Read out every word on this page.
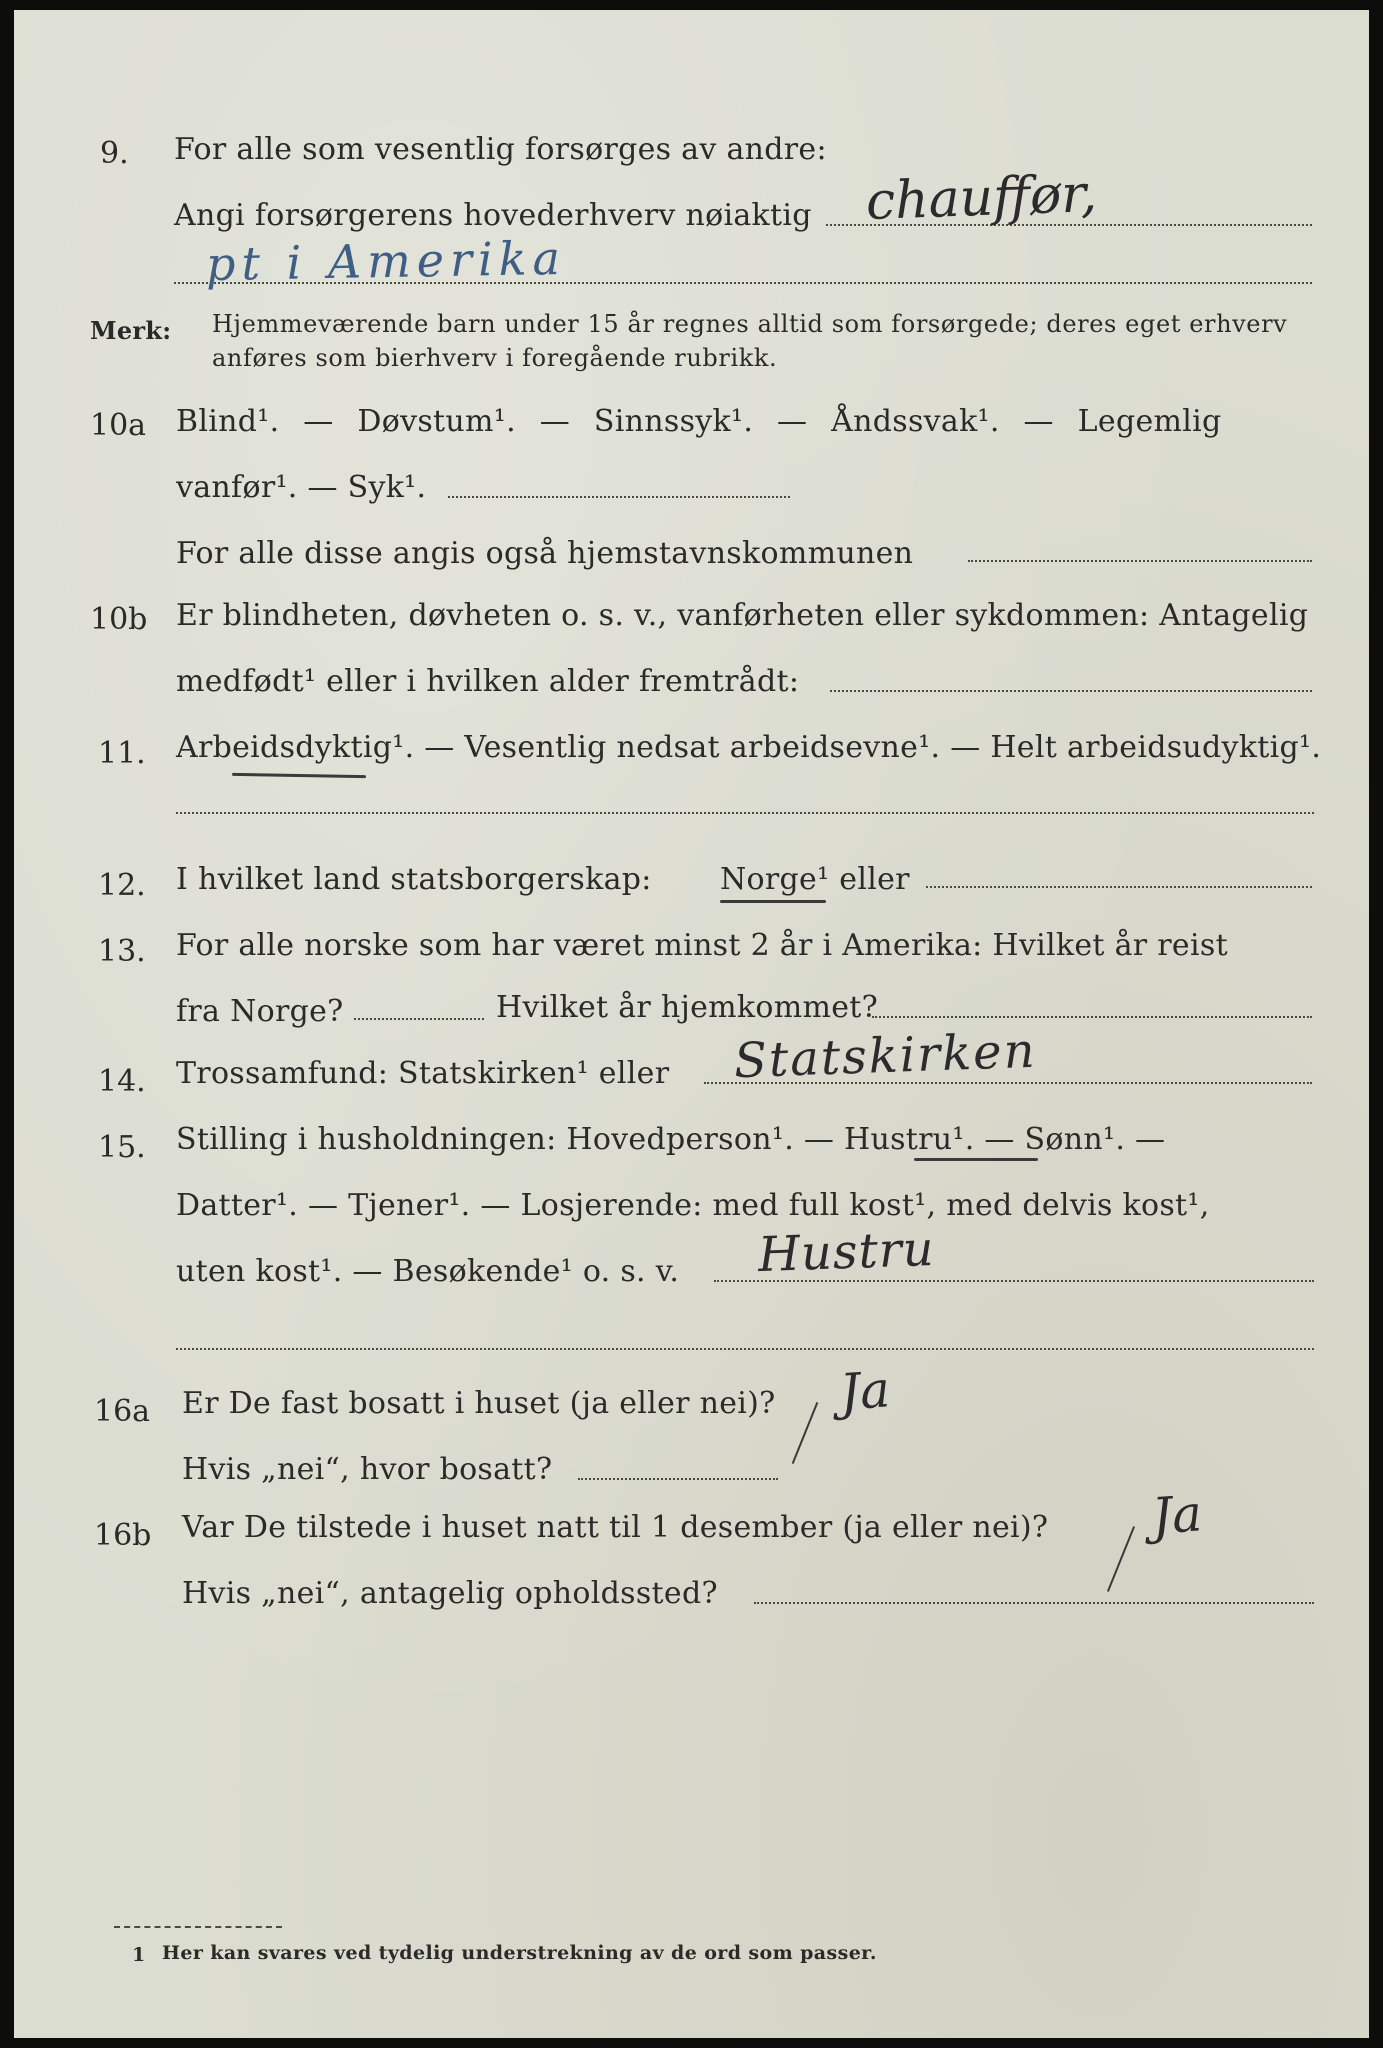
9. For alle som vesentlig forsørges av andre:
Angi forsørgerens hovederhverv nøiaktig chauffør,
pt i Amerika
Merk: Hjemmeværende barn under 15 år regnes alltid som forsørgede; deres eget erhverv
anføres som bierhverv i foregående rubrikk.
10a Blind¹. — Døvstum¹. — Sinnssyk¹. — Åndssvak¹. — Legemlig
vanfør¹. — Syk¹.
For alle disse angis også hjemstavnskommunen
10b Er blindheten, døvheten o. s. v., vanførheten eller sykdommen: Antagelig
medfødt¹ eller i hvilken alder fremtrådt:
11. Arbeidsdyktig¹. — Vesentlig nedsat arbeidsevne¹. — Helt arbeidsudyktig¹.
12. I hvilket land statsborgerskap: Norge¹ eller
13. For alle norske som har været minst 2 år i Amerika: Hvilket år reist
fra Norge?	Hvilket år hjemkommet?
14. Trossamfund: Statskirken¹ eller Statskirken
15. Stilling i husholdningen: Hovedperson¹. — Hustru¹. — Sønn¹. —
Datter¹. — Tjener¹. — Losjerende: med full kost¹, med delvis kost¹,
uten kost¹. — Besøkende¹ o. s. v. Hustru
16a Er De fast bosatt i huset (ja eller nei)? Ja
Hvis „nei“, hvor bosatt?
16b Var De tilstede i huset natt til 1 desember (ja eller nei)? Ja
Hvis „nei“, antagelig opholdssted?
1 Her kan svares ved tydelig understrekning av de ord som passer.
